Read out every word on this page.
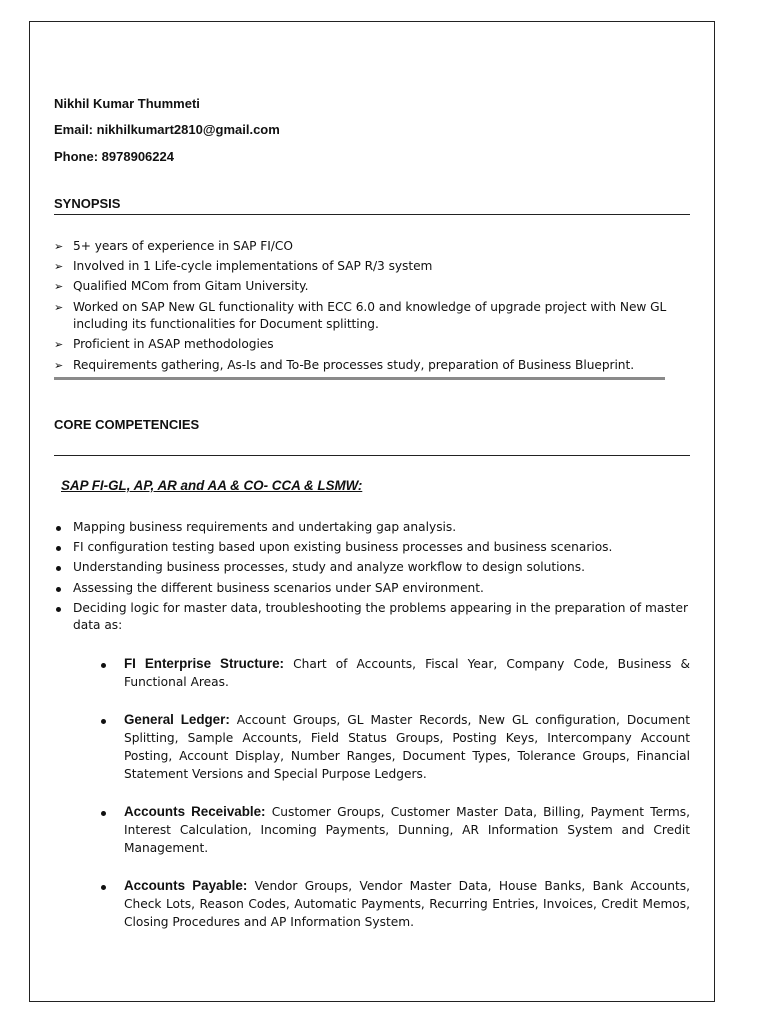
Nikhil Kumar Thummeti
Email: nikhilkumart2810@gmail.com
Phone: 8978906224
SYNOPSIS
➢ 5+ years of experience in SAP FI/CO
➢ Involved in 1 Life-cycle implementations of SAP R/3 system
➢ Qualified MCom from Gitam University.
➢ Worked on SAP New GL functionality with ECC 6.0 and knowledge of upgrade project with New GL including its functionalities for Document splitting.
➢ Proficient in ASAP methodologies
➢ Requirements gathering, As-Is and To-Be processes study, preparation of Business Blueprint.
CORE COMPETENCIES
SAP FI-GL, AP, AR and AA & CO- CCA & LSMW:
Mapping business requirements and undertaking gap analysis.
FI configuration testing based upon existing business processes and business scenarios.
Understanding business processes, study and analyze workflow to design solutions.
Assessing the different business scenarios under SAP environment.
Deciding logic for master data, troubleshooting the problems appearing in the preparation of master data as:
FI Enterprise Structure: Chart of Accounts, Fiscal Year, Company Code, Business & Functional Areas.
General Ledger: Account Groups, GL Master Records, New GL configuration, Document Splitting, Sample Accounts, Field Status Groups, Posting Keys, Intercompany Account Posting, Account Display, Number Ranges, Document Types, Tolerance Groups, Financial Statement Versions and Special Purpose Ledgers.
Accounts Receivable: Customer Groups, Customer Master Data, Billing, Payment Terms, Interest Calculation, Incoming Payments, Dunning, AR Information System and Credit Management.
Accounts Payable: Vendor Groups, Vendor Master Data, House Banks, Bank Accounts, Check Lots, Reason Codes, Automatic Payments, Recurring Entries, Invoices, Credit Memos, Closing Procedures and AP Information System.
